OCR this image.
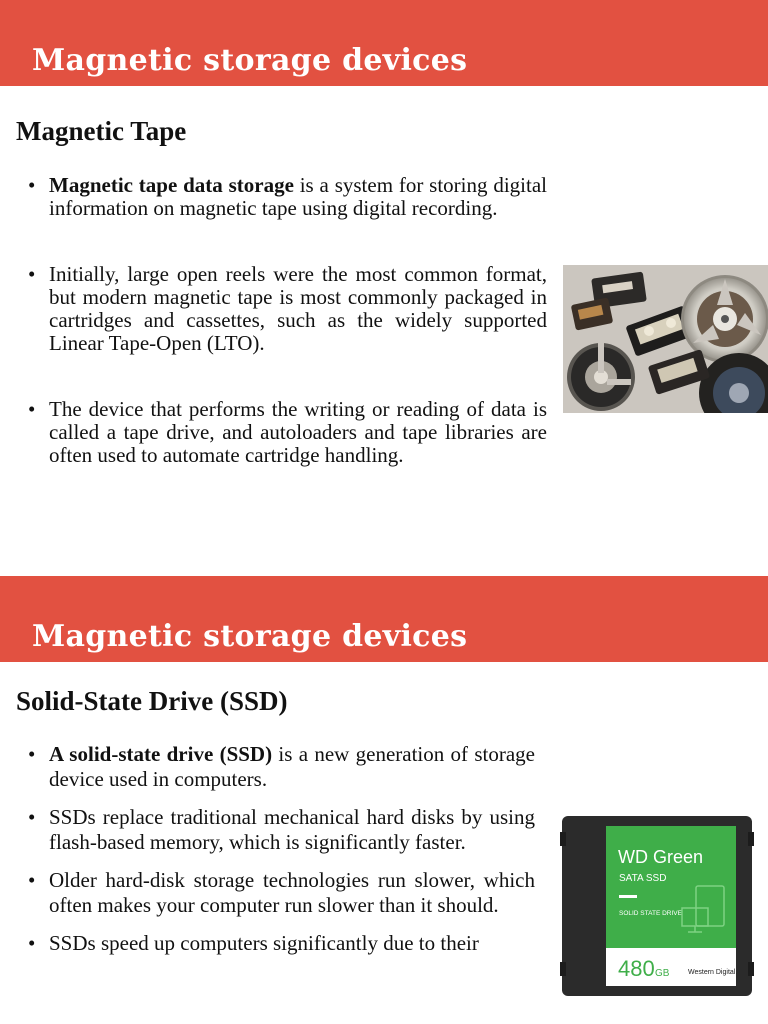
Magnetic storage devices
Magnetic Tape
• Magnetic tape data storage is a system for storing digital information on magnetic tape using digital recording.
• Initially, large open reels were the most common format, but modern magnetic tape is most commonly packaged in cartridges and cassettes, such as the widely supported Linear Tape-Open (LTO).
• The device that performs the writing or reading of data is called a tape drive, and autoloaders and tape libraries are often used to automate cartridge handling.
Magnetic storage devices
Solid-State Drive (SSD)
• A solid-state drive (SSD) is a new generation of storage device used in computers.
• SSDs replace traditional mechanical hard disks by using flash-based memory, which is significantly faster.
• Older hard-disk storage technologies run slower, which often makes your computer run slower than it should.
• SSDs speed up computers significantly due to their
WD Green
SATA SSD
SOLID STATE DRIVE
480 GB	Western Digital.
